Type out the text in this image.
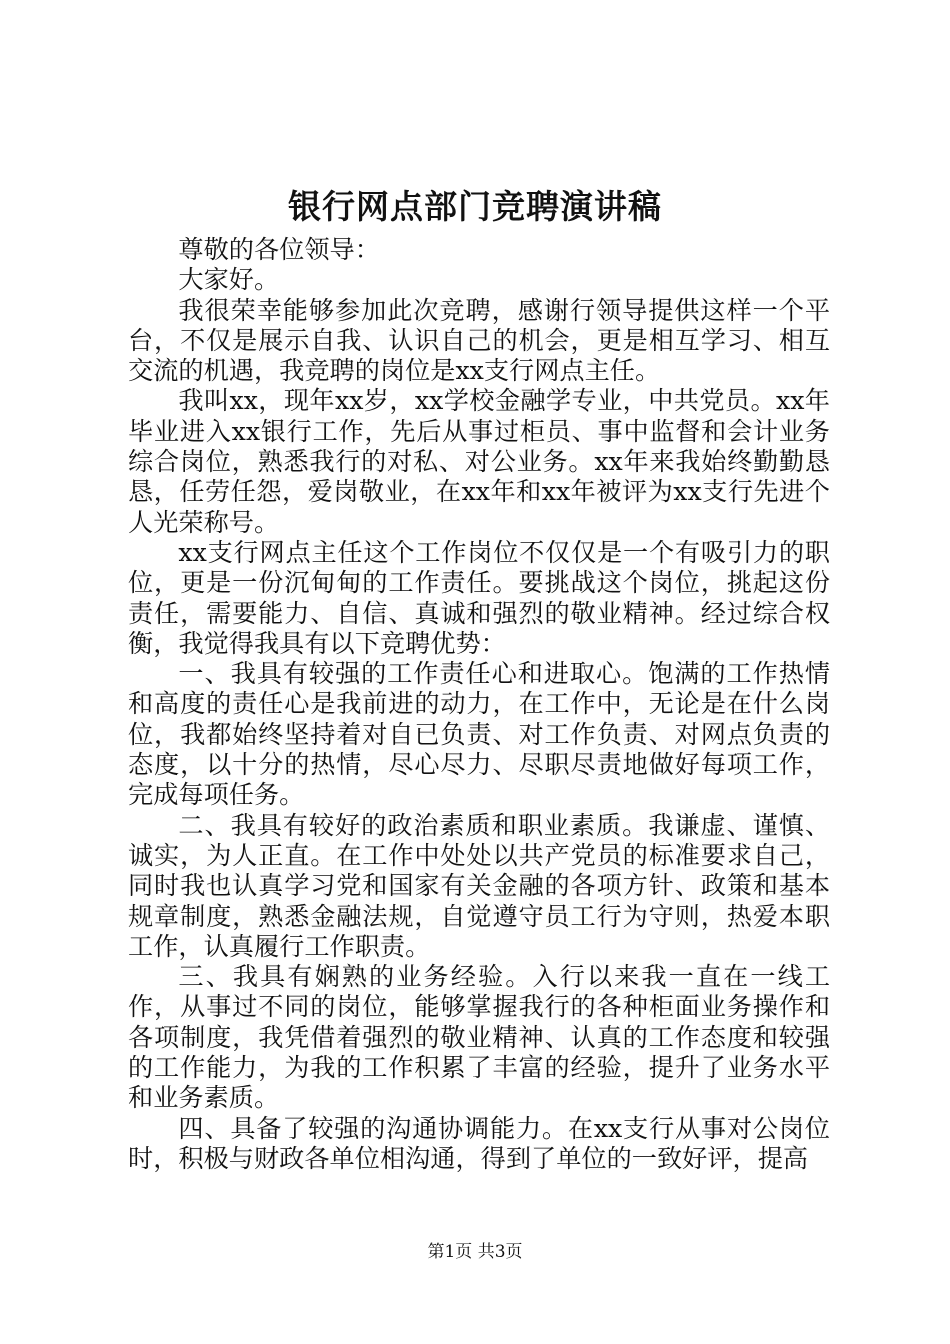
银行网点部门竞聘演讲稿

尊敬的各位领导：

大家好。

我很荣幸能够参加此次竞聘，感谢行领导提供这样一个平台，不仅是展示自我、认识自己的机会，更是相互学习、相互交流的机遇，我竞聘的岗位是xx支行网点主任。

我叫xx，现年xx岁，xx学校金融学专业，中共党员。xx年毕业进入xx银行工作，先后从事过柜员、事中监督和会计业务综合岗位，熟悉我行的对私、对公业务。xx年来我始终勤勤恳恳，任劳任怨，爱岗敬业，在xx年和xx年被评为xx支行先进个人光荣称号。

xx支行网点主任这个工作岗位不仅仅是一个有吸引力的职位，更是一份沉甸甸的工作责任。要挑战这个岗位，挑起这份责任，需要能力、自信、真诚和强烈的敬业精神。经过综合权衡，我觉得我具有以下竞聘优势：

一、我具有较强的工作责任心和进取心。饱满的工作热情和高度的责任心是我前进的动力，在工作中，无论是在什么岗位，我都始终坚持着对自已负责、对工作负责、对网点负责的态度，以十分的热情，尽心尽力、尽职尽责地做好每项工作，完成每项任务。

二、我具有较好的政治素质和职业素质。我谦虚、谨慎、诚实，为人正直。在工作中处处以共产党员的标准要求自己，同时我也认真学习党和国家有关金融的各项方针、政策和基本规章制度，熟悉金融法规，自觉遵守员工行为守则，热爱本职工作，认真履行工作职责。

三、我具有娴熟的业务经验。入行以来我一直在一线工作，从事过不同的岗位，能够掌握我行的各种柜面业务操作和各项制度，我凭借着强烈的敬业精神、认真的工作态度和较强的工作能力，为我的工作积累了丰富的经验，提升了业务水平和业务素质。

四、具备了较强的沟通协调能力。在xx支行从事对公岗位时，积极与财政各单位相沟通，得到了单位的一致好评，提高

第1页 共3页
